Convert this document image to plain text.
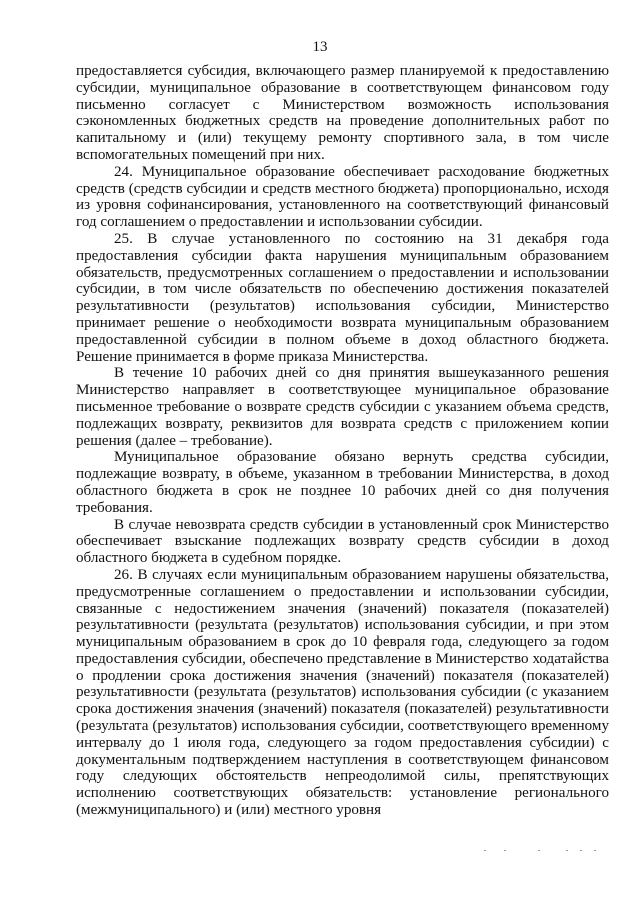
13

предоставляется субсидия, включающего размер планируемой к предоставлению субсидии, муниципальное образование в соответствующем финансовом году письменно согласует с Министерством возможность использования сэкономленных бюджетных средств на проведение дополнительных работ по капитальному и (или) текущему ремонту спортивного зала, в том числе вспомогательных помещений при них.

24. Муниципальное образование обеспечивает расходование бюджетных средств (средств субсидии и средств местного бюджета) пропорционально, исходя из уровня софинансирования, установленного на соответствующий финансовый год соглашением о предоставлении и использовании субсидии.

25. В случае установленного по состоянию на 31 декабря года предоставления субсидии факта нарушения муниципальным образованием обязательств, предусмотренных соглашением о предоставлении и использовании субсидии, в том числе обязательств по обеспечению достижения показателей результативности (результатов) использования субсидии, Министерство принимает решение о необходимости возврата муниципальным образованием предоставленной субсидии в полном объеме в доход областного бюджета. Решение принимается в форме приказа Министерства.

В течение 10 рабочих дней со дня принятия вышеуказанного решения Министерство направляет в соответствующее муниципальное образование письменное требование о возврате средств субсидии с указанием объема средств, подлежащих возврату, реквизитов для возврата средств с приложением копии решения (далее – требование).

Муниципальное образование обязано вернуть средства субсидии, подлежащие возврату, в объеме, указанном в требовании Министерства, в доход областного бюджета в срок не позднее 10 рабочих дней со дня получения требования.

В случае невозврата средств субсидии в установленный срок Министерство обеспечивает взыскание подлежащих возврату средств субсидии в доход областного бюджета в судебном порядке.

26. В случаях если муниципальным образованием нарушены обязательства, предусмотренные соглашением о предоставлении и использовании субсидии, связанные с недостижением значения (значений) показателя (показателей) результативности (результата (результатов) использования субсидии, и при этом муниципальным образованием в срок до 10 февраля года, следующего за годом предоставления субсидии, обеспечено представление в Министерство ходатайства о продлении срока достижения значения (значений) показателя (показателей) результативности (результата (результатов) использования субсидии (с указанием срока достижения значения (значений) показателя (показателей) результативности (результата (результатов) использования субсидии, соответствующего временному интервалу до 1 июля года, следующего за годом предоставления субсидии) с документальным подтверждением наступления в соответствующем финансовом году следующих обстоятельств непреодолимой силы, препятствующих исполнению соответствующих обязательств: установление регионального (межмуниципального) и (или) местного уровня
